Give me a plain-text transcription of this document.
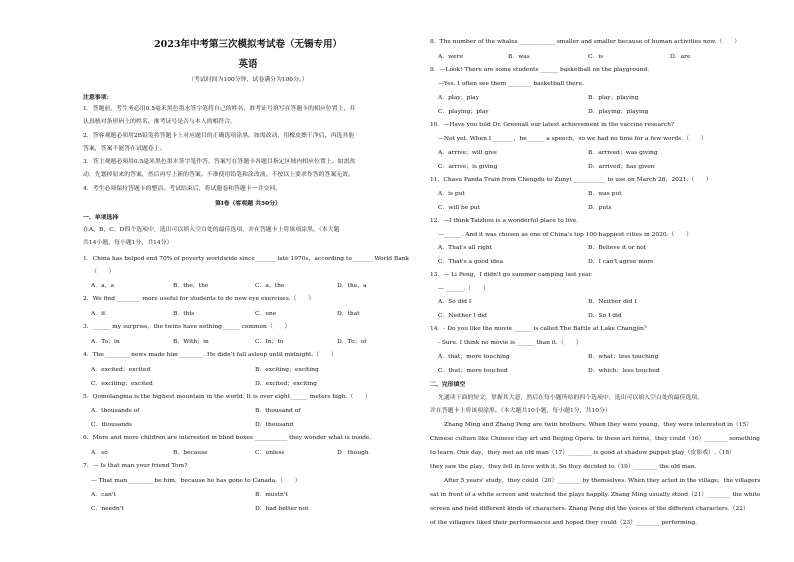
2023年中考第三次模拟考试卷（无锡专用）
英语
（考试时间为100分钟，试卷满分为100分。）
注意事项：
1．答题前，考生务必用0.5毫米黑色墨水签字笔将自己的姓名、准考证号填写在答题卡的相应位置上，并
认真核对条形码上的姓名、准考证号是否与本人的相符合。
2．答客观题必须用2B铅笔将答题卡上对应题目的正确选项涂黑。如需改动，用橡皮擦干净后，再选其他
答案，答案不能答在试题卷上。
3．答主观题必须用0.5毫米黑色墨水签字笔作答，答案写在答题卡各题目指定区域内相应位置上。如需改
动，先划掉原来的答案，然后再写上新的答案。不准使用铅笔和涂改液。不按以上要求作答的答案无效。
4．考生必须保持答题卡的整洁。考试结束后，将试题卷和答题卡一并交回。
第Ⅰ卷（客观题 共50分）
一、单项选择
在A、B、C、D四个选项中，选出可以填入空白处的最佳选项，并在答题卡上将该项涂黑。（本大题
共14小题，每小题1分，共14分）
1．China has helped end 70% of poverty worldwide since_______ late 1970s，according to_______ World Bank
（　　）
A．a，a	B．the，the	C．a，the	D．the，a
2．We find ________ more useful for students to do new eye exercises.（　　）
A．it	B．this	C．one	D．that
3．______ my surprise，the twins have nothing______ common（　　）
A．To；in	B．With；in	C．In；to	D．To；of
4．The ________ news made him ________. He didn't fall asleep until midnight.（　　）
A．excited；excited	B．exciting；exciting
C．exciting；excited	D．excited；exciting
5．Qomolangma is the highest mountain in the world. It is over eight______ meters high.（　　）
A．thousands of	B．thousand of
C．thousands	D．thousand
6．More and more children are interested in blind boxes ___________ they wonder what is inside.
A．so	B．because	C．unless	D．though
7．— Is that man your friend Tom?
— That man ________ be him，because he has gone to Canada.（　　）
A．can't	B．mustn't
C．needn't	D．had better not
8．The number of the whales ____________ smaller and smaller because of human activities now.（　　）
A．were	B．was	C．is	D．are
9．—Look! There are some students ______ basketball on the playground.
—Yes. I often see them ________ basketball there.
A．play；play	B．play；playing
C．playing；play	D．playing；playing
10．—Have you told Dr. Greenall our latest achievement in the vaccine research?
—Not yet. When I _______，he______ a speech，so we had no time for a few words.（　　）
A．arrive；will give	B．arrived；was giving
C．arrive；is giving	D．arrived；has given
11．Chasu Panda Train from Chengdu to Zunyi ___________ to use on March 28，2021.（　　）
A．is put	B．was put
C．will be put	D．puts
12．—I think Taizhou is a wonderful place to live.
—______. And it was chosen as one of China's top 100 happiest cities in 2020.（　　）
A．That's all right	B．Believe it or not
C．That's a good idea	D．I can't agree more
13．— Li Peng，I didn't go summer camping last year.
— ______.（　　）
A．So did I	B．Neither did I
C．Neither I did	D．So I did
14．- Do you like the movie ______ is called The Battle at Lake Changjin？
- Sure. I think no movie is ______ than it.（　　）
A．that；more touching	B．what；less touching
C．that；more touched	D．which；less touched
二、完形填空
先通读下面的短文，掌握其大意，然后在每小题所给的四个选项中，选出可以填入空白处的最佳选项，
并在答题卡上将该项涂黑。（本大题共10小题，每小题1分，共10分）
Zhang Ming and Zhang Peng are twin brothers. When they were young，they were interested in（15）
Chinese culture like Chinese clay art and Beijing Opera. In these art forms，they could（16）________ something
to learn. One day，they met an old man（17）________ is good at shadow puppet play（皮影戏）.（18）
they saw the play，they fell in love with it. So they decided to（19）________ the old man.
After 5 years' study，they could（20）________ by themselves. When they acted in the village，the villagers
sat in front of a white screen and watched the plays happily. Zhang Ming usually stood（21）________ the white
screen and held different kinds of characters. Zhang Peng did the voices of the different characters.（22）
of the villagers liked their performances and hoped they could（23）________ performing.
